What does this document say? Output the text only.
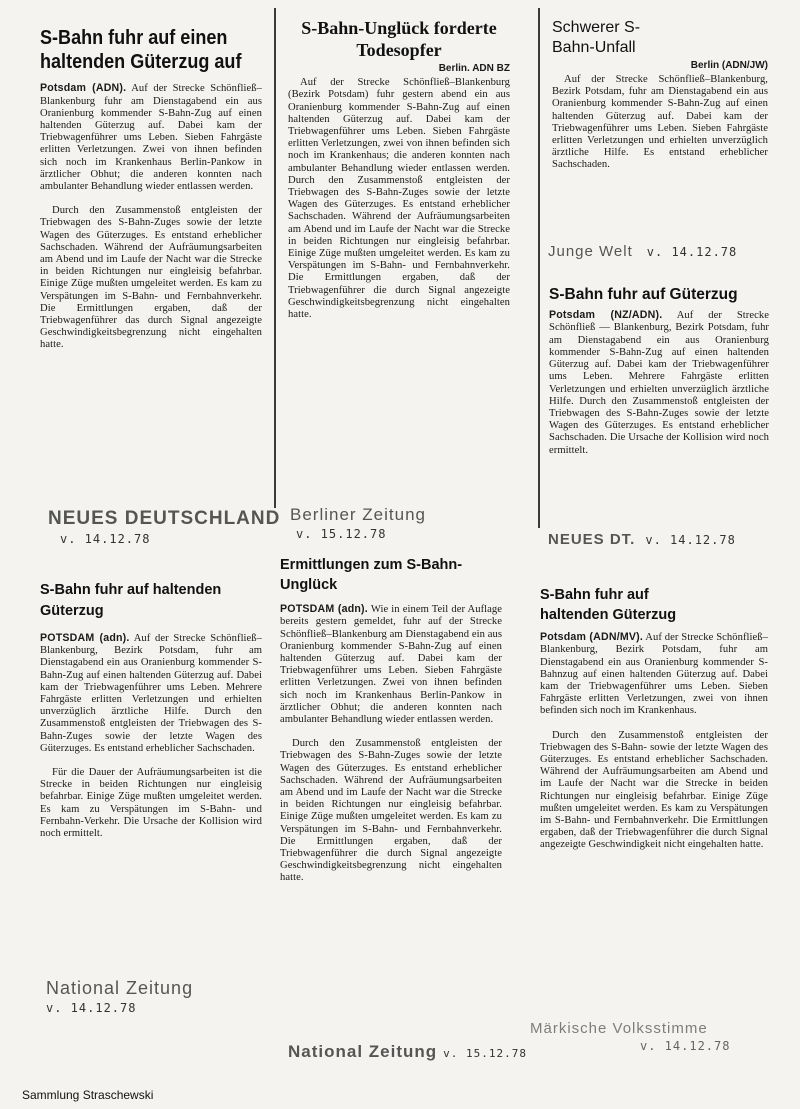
S-Bahn fuhr auf einen haltenden Güterzug auf

Potsdam (ADN). Auf der Strecke Schönfließ–Blankenburg fuhr am Dienstagabend ein aus Oranienburg kommender S-Bahn-Zug auf einen haltenden Güterzug auf. Dabei kam der Triebwagenführer ums Leben. Sieben Fahrgäste erlitten Verletzungen. Zwei von ihnen befinden sich noch im Krankenhaus Berlin-Pankow in ärztlicher Obhut; die anderen konnten nach ambulanter Behandlung wieder entlassen werden.

Durch den Zusammenstoß entgleisten der Triebwagen des S-Bahn-Zuges sowie der letzte Wagen des Güterzuges. Es entstand erheblicher Sachschaden. Während der Aufräumungsarbeiten am Abend und im Laufe der Nacht war die Strecke in beiden Richtungen nur eingleisig befahrbar. Einige Züge mußten umgeleitet werden. Es kam zu Verspätungen im S-Bahn- und Fernbahnverkehr. Die Ermittlungen ergaben, daß der Triebwagenführer das durch Signal angezeigte Geschwindigkeitsbegrenzung nicht eingehalten hatte.

NEUES DEUTSCHLAND
v. 14.12.78
S-Bahn-Unglück forderte Todesopfer
Berlin. ADN BZ

Auf der Strecke Schönfließ–Blankenburg (Bezirk Potsdam) fuhr gestern abend ein aus Oranienburg kommender S-Bahn-Zug auf einen haltenden Güterzug auf. Dabei kam der Triebwagenführer ums Leben. Sieben Fahrgäste erlitten Verletzungen, zwei von ihnen befinden sich noch im Krankenhaus; die anderen konnten nach ambulanter Behandlung wieder entlassen werden. Durch den Zusammenstoß entgleisten der Triebwagen des S-Bahn-Zuges sowie der letzte Wagen des Güterzuges. Es entstand erheblicher Sachschaden. Während der Aufräumungsarbeiten am Abend und im Laufe der Nacht war die Strecke in beiden Richtungen nur eingleisig befahrbar. Einige Züge mußten umgeleitet werden. Es kam zu Verspätungen im S-Bahn- und Fernbahnverkehr. Die Ermittlungen ergaben, daß der Triebwagenführer die durch Signal angezeigte Geschwindigkeitsbegrenzung nicht eingehalten hatte.

Berliner Zeitung
v. 15.12.78
Schwerer S-Bahn-Unfall
Berlin (ADN/JW)

Auf der Strecke Schönfließ–Blankenburg, Bezirk Potsdam, fuhr am Dienstagabend ein aus Oranienburg kommender S-Bahn-Zug auf einen haltenden Güterzug auf. Dabei kam der Triebwagenführer ums Leben. Sieben Fahrgäste erlitten Verletzungen und erhielten unverzüglich ärztliche Hilfe. Es entstand erheblicher Sachschaden.

Junge Welt v. 14.12.78
S-Bahn fuhr auf Güterzug

Potsdam (NZ/ADN). Auf der Strecke Schönfließ — Blankenburg, Bezirk Potsdam, fuhr am Dienstagabend ein aus Oranienburg kommender S-Bahn-Zug auf einen haltenden Güterzug auf. Dabei kam der Triebwagenführer ums Leben. Mehrere Fahrgäste erlitten Verletzungen und erhielten unverzüglich ärztliche Hilfe. Durch den Zusammenstoß entgleisten der Triebwagen des S-Bahn-Zuges sowie der letzte Wagen des Güterzuges. Es entstand erheblicher Sachschaden. Die Ursache der Kollision wird noch ermittelt.

NEUES DT. v. 14.12.78
S-Bahn fuhr auf haltenden Güterzug

POTSDAM (adn). Auf der Strecke Schönfließ–Blankenburg, Bezirk Potsdam, fuhr am Dienstagabend ein aus Oranienburg kommender S-Bahn-Zug auf einen haltenden Güterzug auf. Dabei kam der Triebwagenführer ums Leben. Mehrere Fahrgäste erlitten Verletzungen und erhielten unverzüglich ärztliche Hilfe. Durch den Zusammenstoß entgleisten der Triebwagen des S-Bahn-Zuges sowie der letzte Wagen des Güterzuges. Es entstand erheblicher Sachschaden.

Für die Dauer der Aufräumungsarbeiten ist die Strecke in beiden Richtungen nur eingleisig befahrbar. Einige Züge mußten umgeleitet werden. Es kam zu Verspätungen im S-Bahn- und Fernbahn-Verkehr. Die Ursache der Kollision wird noch ermittelt.

National Zeitung
v. 14.12.78
Ermittlungen zum S-Bahn-Unglück

POTSDAM (adn). Wie in einem Teil der Auflage bereits gestern gemeldet, fuhr auf der Strecke Schönfließ–Blankenburg am Dienstagabend ein aus Oranienburg kommender S-Bahn-Zug auf einen haltenden Güterzug auf. Dabei kam der Triebwagenführer ums Leben. Sieben Fahrgäste erlitten Verletzungen. Zwei von ihnen befinden sich noch im Krankenhaus Berlin-Pankow in ärztlicher Obhut; die anderen konnten nach ambulanter Behandlung wieder entlassen werden.

Durch den Zusammenstoß entgleisten der Triebwagen des S-Bahn-Zuges sowie der letzte Wagen des Güterzuges. Es entstand erheblicher Sachschaden. Während der Aufräumungsarbeiten am Abend und im Laufe der Nacht war die Strecke in beiden Richtungen nur eingleisig befahrbar. Einige Züge mußten umgeleitet werden. Es kam zu Verspätungen im S-Bahn- und Fernbahnverkehr. Die Ermittlungen ergaben, daß der Triebwagenführer die durch Signal angezeigte Geschwindigkeitsbegrenzung nicht eingehalten hatte.

National Zeitung v. 15.12.78
S-Bahn fuhr auf haltenden Güterzug

Potsdam (ADN/MV). Auf der Strecke Schönfließ–Blankenburg, Bezirk Potsdam, fuhr am Dienstagabend ein aus Oranienburg kommender S-Bahnzug auf einen haltenden Güterzug auf. Dabei kam der Triebwagenführer ums Leben. Sieben Fahrgäste erlitten Verletzungen, zwei von ihnen befinden sich noch im Krankenhaus.

Durch den Zusammenstoß entgleisten der Triebwagen des S-Bahn- sowie der letzte Wagen des Güterzuges. Es entstand erheblicher Sachschaden. Während der Aufräumungsarbeiten am Abend und im Laufe der Nacht war die Strecke in beiden Richtungen nur eingleisig befahrbar. Einige Züge mußten umgeleitet werden. Es kam zu Verspätungen im S-Bahn- und Fernbahnverkehr. Die Ermittlungen ergaben, daß der Triebwagenführer die durch Signal angezeigte Geschwindigkeit nicht eingehalten hatte.

Märkische Volksstimme
v. 14.12.78
Sammlung Straschewski
